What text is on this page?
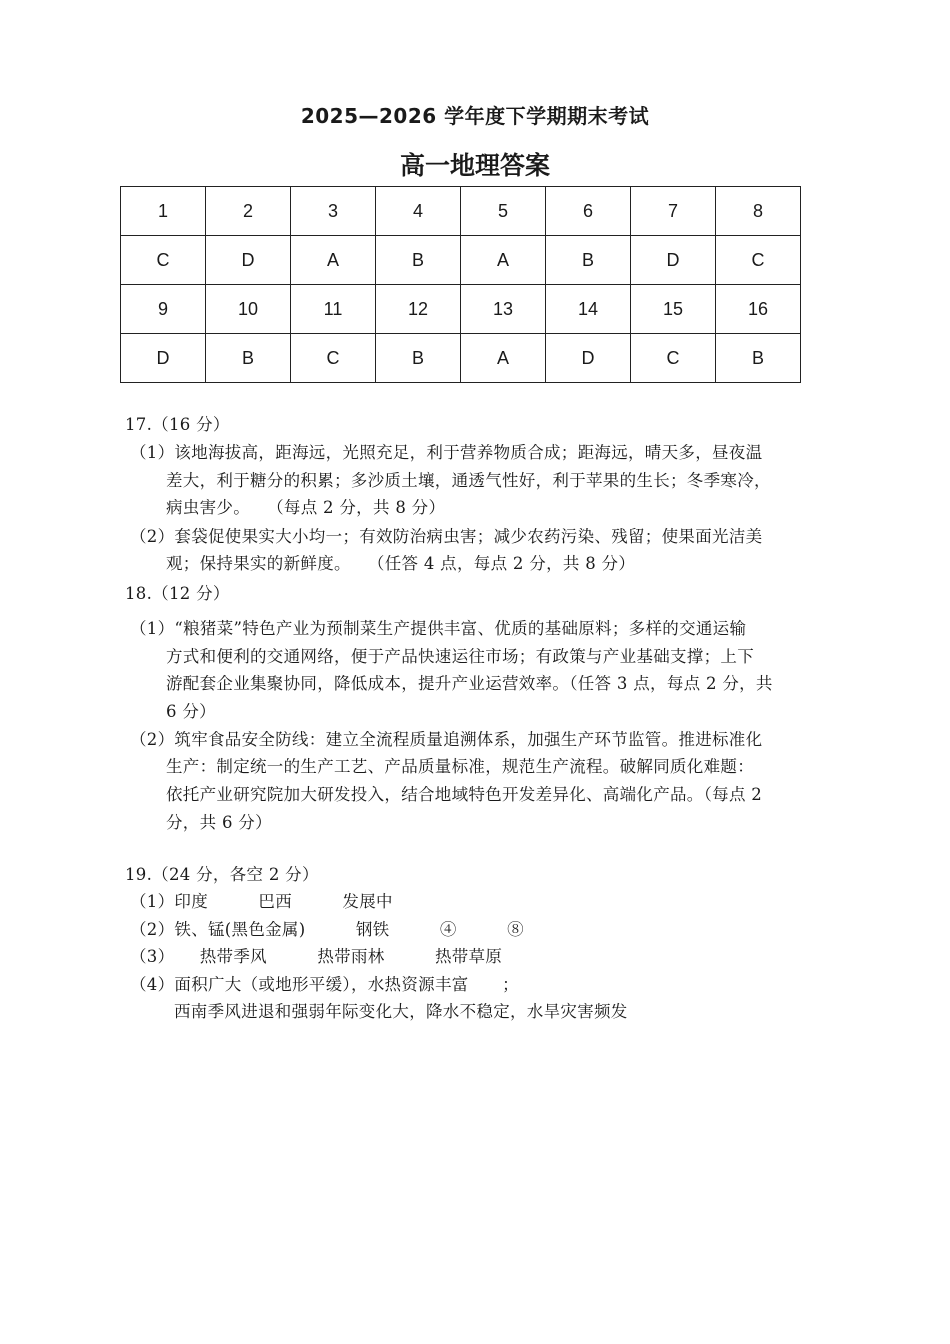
2025—2026 学年度下学期期末考试
高一地理答案
1	2	3	4	5	6	7	8
C	D	A	B	A	B	D	C
9	10	11	12	13	14	15	16
D	B	C	B	A	D	C	B
17.（16 分）
（1）该地海拔高，距海远，光照充足，利于营养物质合成；距海远，晴天多，昼夜温
差大，利于糖分的积累；多沙质土壤，通透气性好，利于苹果的生长；冬季寒冷，
病虫害少。　　（每点 2 分，共 8 分）
（2）套袋促使果实大小均一；有效防治病虫害；减少农药污染、残留；使果面光洁美
观；保持果实的新鲜度。　　（任答 4 点，每点 2 分，共 8 分）
18.（12 分）
（1）“粮猪菜”特色产业为预制菜生产提供丰富、优质的基础原料；多样的交通运输
方式和便利的交通网络，便于产品快速运往市场；有政策与产业基础支撑；上下
游配套企业集聚协同，降低成本，提升产业运营效率。（任答 3 点，每点 2 分，共
6 分）
（2）筑牢食品安全防线：建立全流程质量追溯体系，加强生产环节监管。推进标准化
生产：制定统一的生产工艺、产品质量标准，规范生产流程。破解同质化难题：
依托产业研究院加大研发投入，结合地域特色开发差异化、高端化产品。（每点 2
分，共 6 分）
19.（24 分，各空 2 分）
（1）印度　　　巴西　　　发展中
（2）铁、锰(黑色金属)　　　钢铁　　　④　　　⑧
（3）　　热带季风　　　热带雨林　　　热带草原
（4）面积广大（或地形平缓），水热资源丰富　　；
西南季风进退和强弱年际变化大，降水不稳定，水旱灾害频发
